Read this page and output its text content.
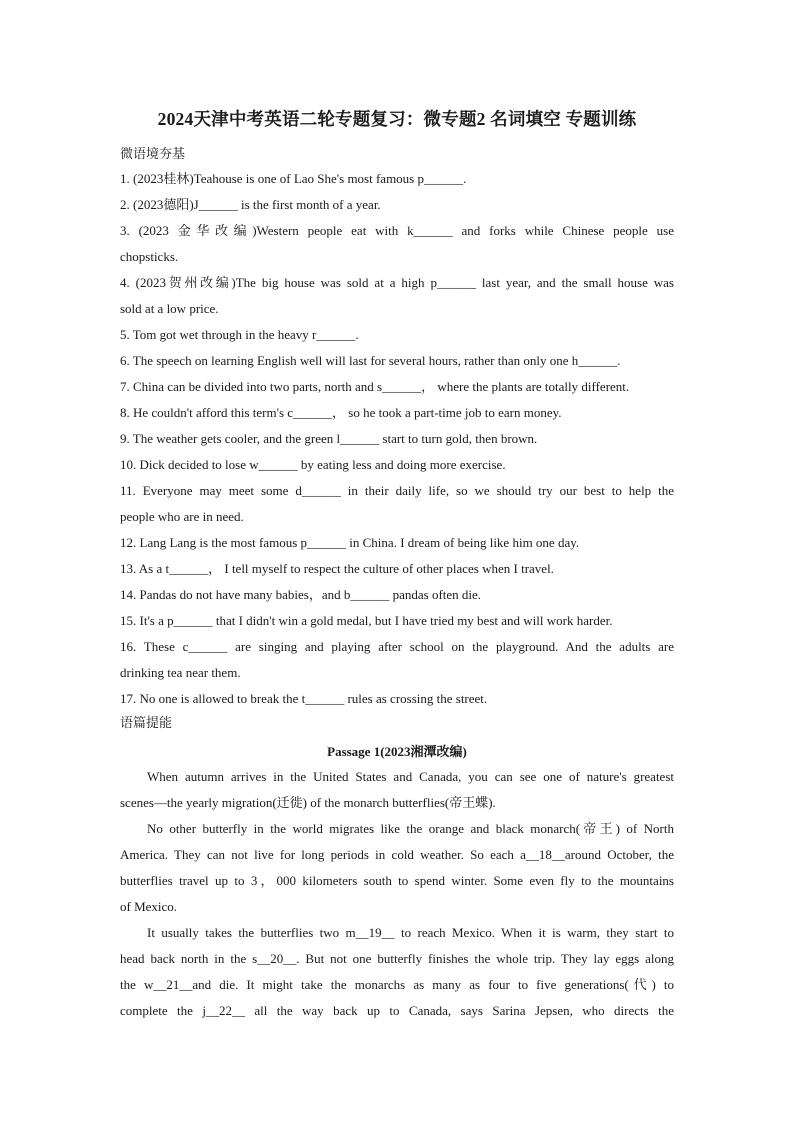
2024天津中考英语二轮专题复习：微专题2 名词填空 专题训练
微语境夯基
1. (2023桂林)Teahouse is one of Lao She's most famous p______.
2. (2023德阳)J______ is the first month of a year.
3. (2023 金华改编)Western people eat with k______ and forks while Chinese people use
chopsticks.
4. (2023贺州改编)The big house was sold at a high p______ last year, and the small house was
sold at a low price.
5. Tom got wet through in the heavy r______.
6. The speech on learning English well will last for several hours, rather than only one h______.
7. China can be divided into two parts, north and s______， where the plants are totally different.
8. He couldn't afford this term's c______， so he took a part-time job to earn money.
9. The weather gets cooler, and the green l______ start to turn gold, then brown.
10. Dick decided to lose w______ by eating less and doing more exercise.
11. Everyone may meet some d______ in their daily life, so we should try our best to help the
people who are in need.
12. Lang Lang is the most famous p______ in China. I dream of being like him one day.
13. As a t______， I tell myself to respect the culture of other places when I travel.
14. Pandas do not have many babies，and b______ pandas often die.
15. It's a p______ that I didn't win a gold medal, but I have tried my best and will work harder.
16. These c______ are singing and playing after school on the playground. And the adults are
drinking tea near them.
17. No one is allowed to break the t______ rules as crossing the street.
语篇提能
Passage 1(2023湘潭改编)
When autumn arrives in the United States and Canada, you can see one of nature's greatest
scenes—the yearly migration(迁徙) of the monarch butterflies(帝王蝶).
No other butterfly in the world migrates like the orange and black monarch(帝王) of North
America. They can not live for long periods in cold weather. So each a__18__around October, the
butterflies travel up to 3，000 kilometers south to spend winter. Some even fly to the mountains
of Mexico.
It usually takes the butterflies two m__19__ to reach Mexico. When it is warm, they start to
head back north in the s__20__. But not one butterfly finishes the whole trip. They lay eggs along
the w__21__and die. It might take the monarchs as many as four to five generations(代) to
complete the j__22__ all the way back up to Canada, says Sarina Jepsen, who directs the
